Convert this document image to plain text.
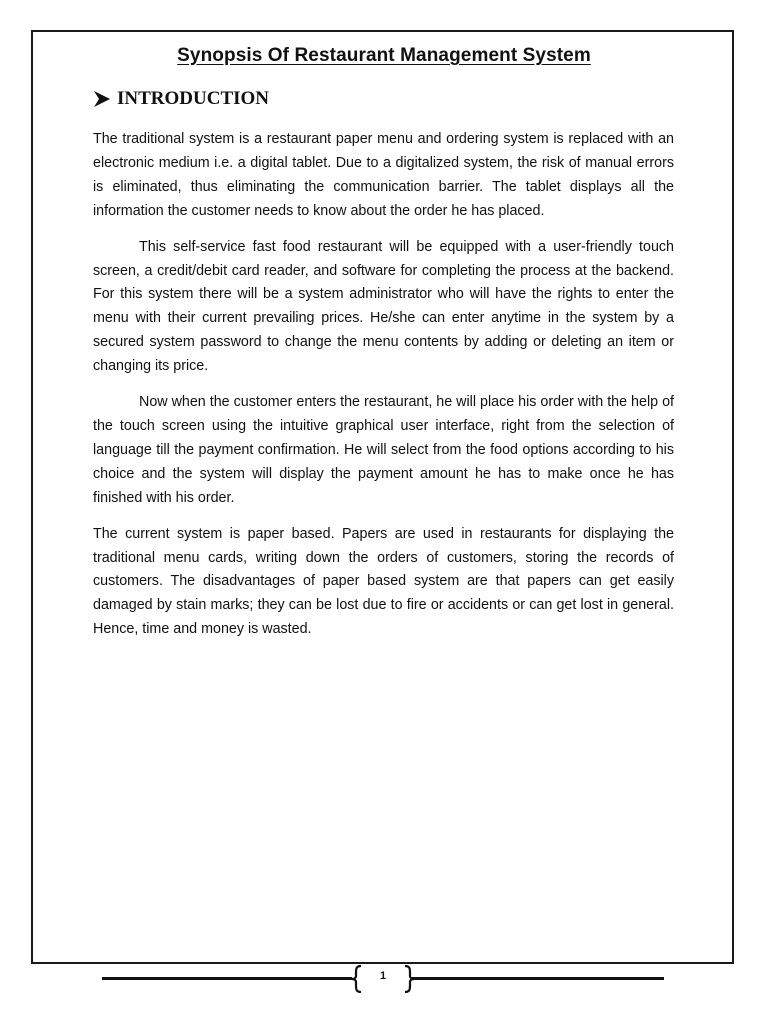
Synopsis Of Restaurant Management System
INTRODUCTION

The traditional system is a restaurant paper menu and ordering system is replaced with an electronic medium i.e. a digital tablet. Due to a digitalized system, the risk of manual errors is eliminated, thus eliminating the communication barrier. The tablet displays all the information the customer needs to know about the order he has placed.

This self-service fast food restaurant will be equipped with a user-friendly touch screen, a credit/debit card reader, and software for completing the process at the backend. For this system there will be a system administrator who will have the rights to enter the menu with their current prevailing prices. He/she can enter anytime in the system by a secured system password to change the menu contents by adding or deleting an item or changing its price.

Now when the customer enters the restaurant, he will place his order with the help of the touch screen using the intuitive graphical user interface, right from the selection of language till the payment confirmation. He will select from the food options according to his choice and the system will display the payment amount he has to make once he has finished with his order.

The current system is paper based. Papers are used in restaurants for displaying the traditional menu cards, writing down the orders of customers, storing the records of customers. The disadvantages of paper based system are that papers can get easily damaged by stain marks; they can be lost due to fire or accidents or can get lost in general. Hence, time and money is wasted.

1
